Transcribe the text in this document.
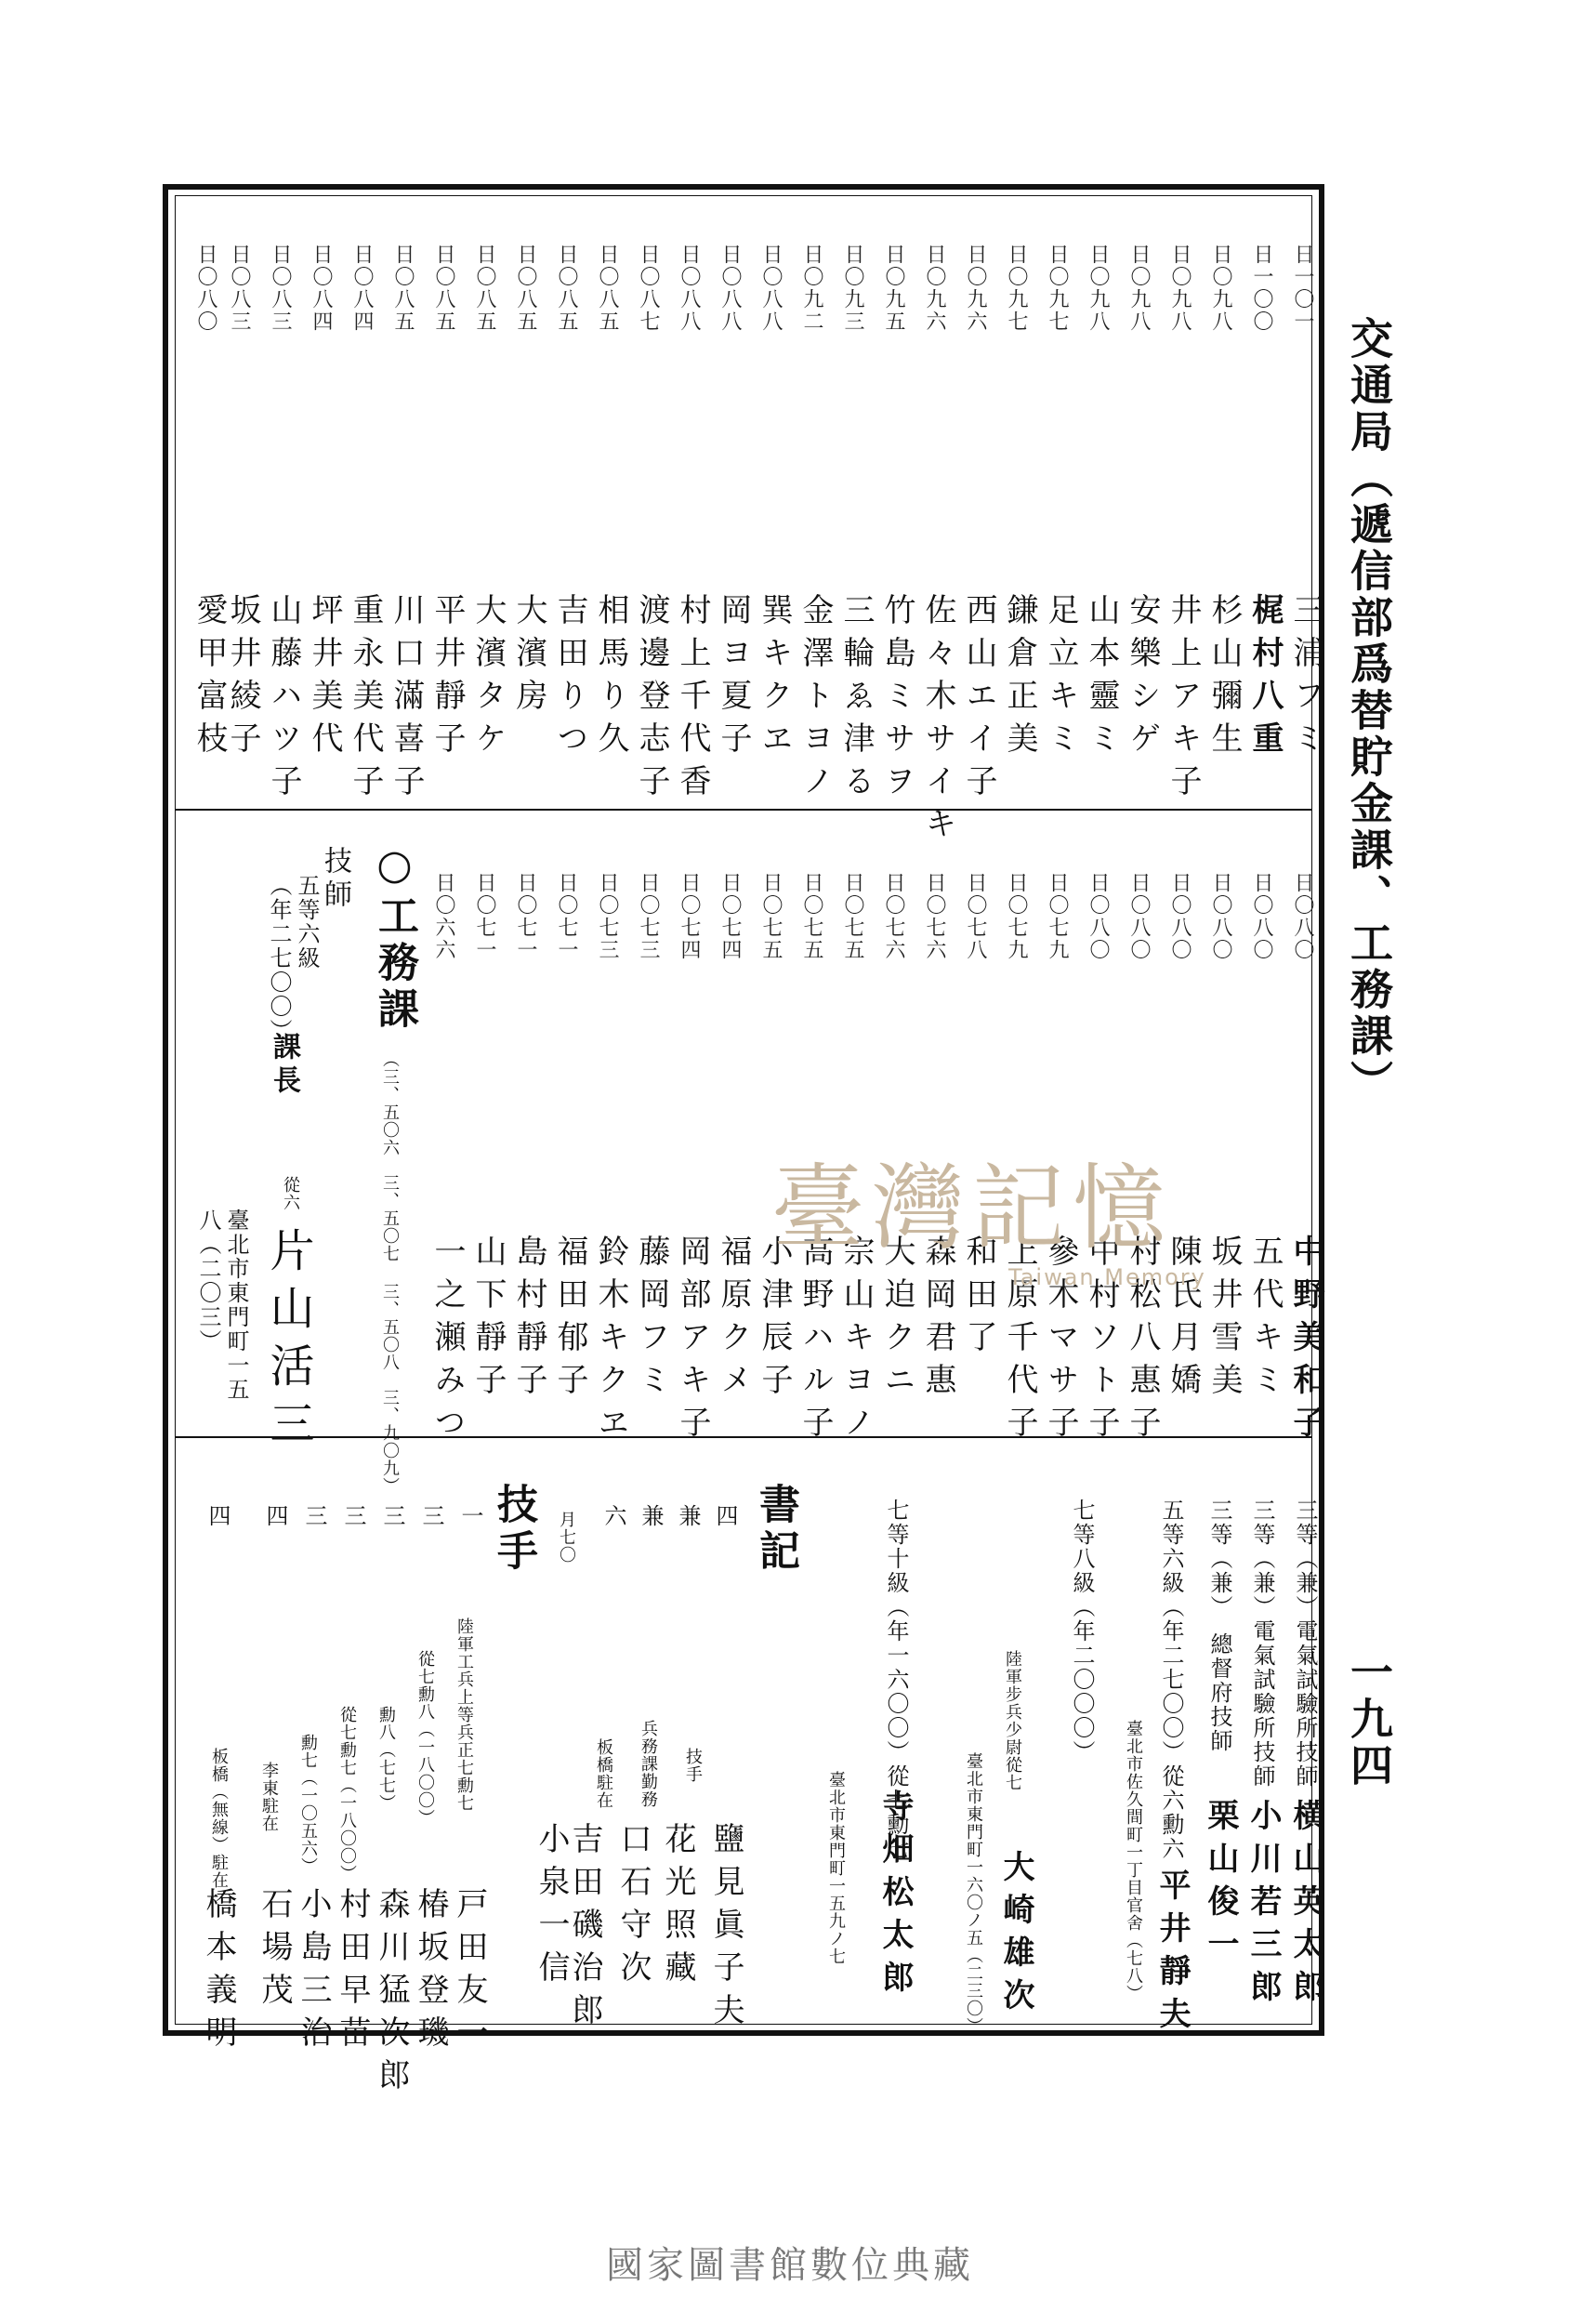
交通局（遞信部爲替貯金課、工務課）
一九四
日一〇一
三浦フミ
日一〇〇
梶村八重
日〇九八
杉山彌生
日〇九八
井上アキ子
日〇九八
安樂シゲ
日〇九八
山本靈ミ
日〇九七
足立キミ
日〇九七
鎌倉正美
日〇九六
西山エイ子
日〇九六
佐々木サイキ
日〇九五
竹島ミサヲ
日〇九三
三輪ゑ津る
日〇九二
金澤トヨノ
日〇八八
巽キクヱ
日〇八八
岡ヨ夏子
日〇八八
村上千代香
日〇八七
渡邊登志子
日〇八五
相馬り久
日〇八五
吉田りつ
日〇八五
大濱房
日〇八五
大濱タケ
日〇八五
平井靜子
日〇八五
川口滿喜子
日〇八四
重永美代子
日〇八四
坪井美代
日〇八三
山藤ハツ子
日〇八三
坂井綾子
日〇八〇
愛甲富枝
日〇八〇
中野美和子
日〇八〇
五代キミ
日〇八〇
坂井雪美
日〇八〇
陳氏月嬌
日〇八〇
村松八惠子
日〇八〇
中村ソト子
日〇七九
參木マサ子
日〇七九
上原千代子
日〇七八
和田了
日〇七六
森岡君惠
日〇七六
大迫クニ
日〇七五
宗山キヨノ
日〇七五
高野ハル子
日〇七五
小津辰子
日〇七四
福原クメ
日〇七四
岡部アキ子
日〇七三
藤岡フミ
日〇七三
鈴木キクヱ
日〇七一
福田郁子
日〇七一
島村靜子
日〇七一
山下靜子
日〇六六
一之瀬みつ
○工務課
（三、五〇六　三、五〇七 三、五〇八　三、九〇九）
技師
五等六級
（年二七〇〇）
課長
從六
片山活三
臺北市東門町一五
八（二〇三）
三等（兼）電氣試驗所技師
横山英太郎
三等（兼）電氣試驗所技師
小川若三郎
三等（兼）　總督府技師
栗山俊一
五等六級（年二七〇〇）從六勳六
臺北市佐久間町一丁目官舍（七八） 平井靜夫
七等八級（年二〇〇〇）
陸軍步兵少尉從七
臺北市東門町一六〇ノ五（二三〇） 大崎雄次
七等十級（年一六〇〇）從七勳七
臺北市東門町一五九ノ七 寺畑松太郎
書記
四
鹽見眞子夫
兼
技手
花光照藏
兼
兵務課勤務
口石守次
六
板橋駐在
吉田磯治郎
月七〇
小泉一信
技手
一
陸軍工兵上等兵正七勳七
戸田友一
三
從七勳八（一八〇〇）
椿坂登璣
三
勳八（七七）
森川猛次郎
三
從七勳七（一八〇〇）
村田早苗
三
勳七（一〇五六）
小島三治
四
李東駐在
石場茂
四
板橋（無線）駐在
橋本義明
臺灣記憶
Taiwan Memory
國家圖書館數位典藏
